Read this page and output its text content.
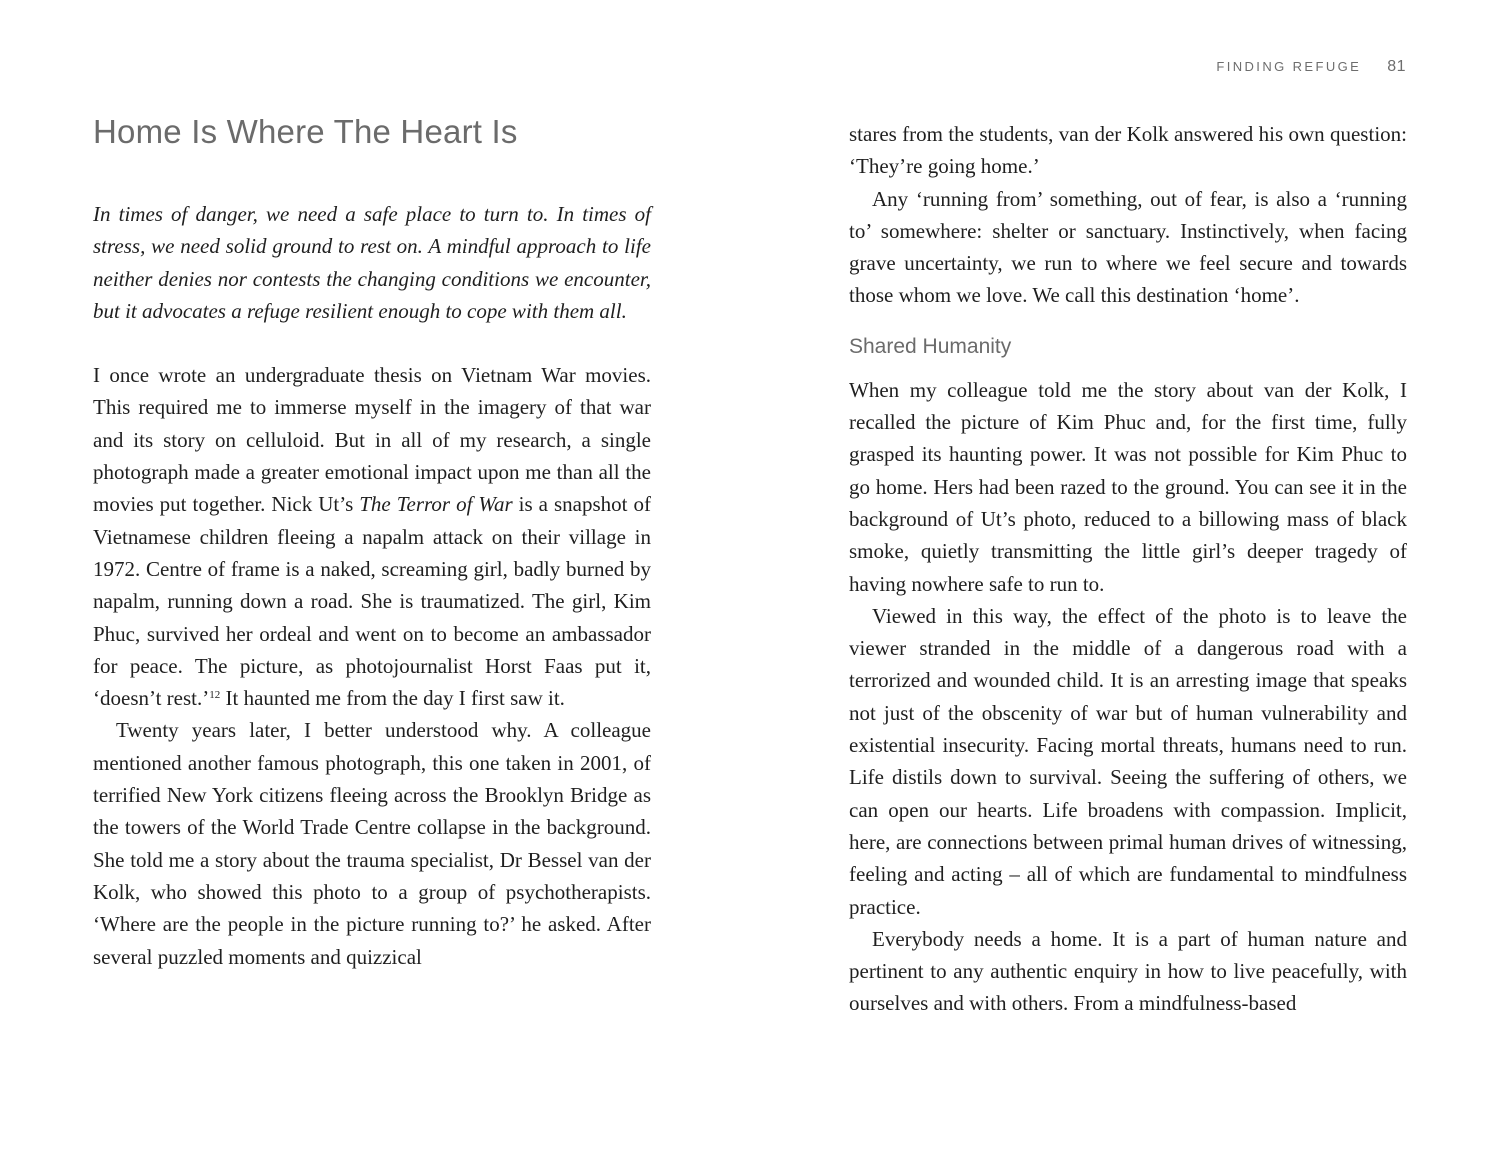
FINDING REFUGE 81
Home Is Where The Heart Is

In times of danger, we need a safe place to turn to. In times of stress, we need solid ground to rest on. A mindful approach to life neither denies nor contests the changing conditions we encounter, but it advocates a refuge resilient enough to cope with them all.

I once wrote an undergraduate thesis on Vietnam War movies. This required me to immerse myself in the imagery of that war and its story on celluloid. But in all of my research, a single photograph made a greater emotional impact upon me than all the movies put together. Nick Ut’s The Terror of War is a snapshot of Vietnamese children fleeing a napalm attack on their village in 1972. Centre of frame is a naked, screaming girl, badly burned by napalm, running down a road. She is traumatized. The girl, Kim Phuc, survived her ordeal and went on to become an ambassador for peace. The picture, as photojournalist Horst Faas put it, ‘doesn’t rest.’$^{12}$ It haunted me from the day I first saw it.

Twenty years later, I better understood why. A colleague mentioned another famous photograph, this one taken in 2001, of terrified New York citizens fleeing across the Brooklyn Bridge as the towers of the World Trade Centre collapse in the background. She told me a story about the trauma specialist, Dr Bessel van der Kolk, who showed this photo to a group of psychotherapists. ‘Where are the people in the picture running to?’ he asked. After several puzzled moments and quizzical

stares from the students, van der Kolk answered his own question: ‘They’re going home.’

Any ‘running from’ something, out of fear, is also a ‘running to’ somewhere: shelter or sanctuary. Instinctively, when facing grave uncertainty, we run to where we feel secure and towards those whom we love. We call this destination ‘home’.

Shared Humanity

When my colleague told me the story about van der Kolk, I recalled the picture of Kim Phuc and, for the first time, fully grasped its haunting power. It was not possible for Kim Phuc to go home. Hers had been razed to the ground. You can see it in the background of Ut’s photo, reduced to a billowing mass of black smoke, quietly transmitting the little girl’s deeper tragedy of having nowhere safe to run to.

Viewed in this way, the effect of the photo is to leave the viewer stranded in the middle of a dangerous road with a terrorized and wounded child. It is an arresting image that speaks not just of the obscenity of war but of human vulnerability and existential insecurity. Facing mortal threats, humans need to run. Life distils down to survival. Seeing the suffering of others, we can open our hearts. Life broadens with compassion. Implicit, here, are connections between primal human drives of witnessing, feeling and acting – all of which are fundamental to mindfulness practice.

Everybody needs a home. It is a part of human nature and pertinent to any authentic enquiry in how to live peacefully, with ourselves and with others. From a mindfulness-based
